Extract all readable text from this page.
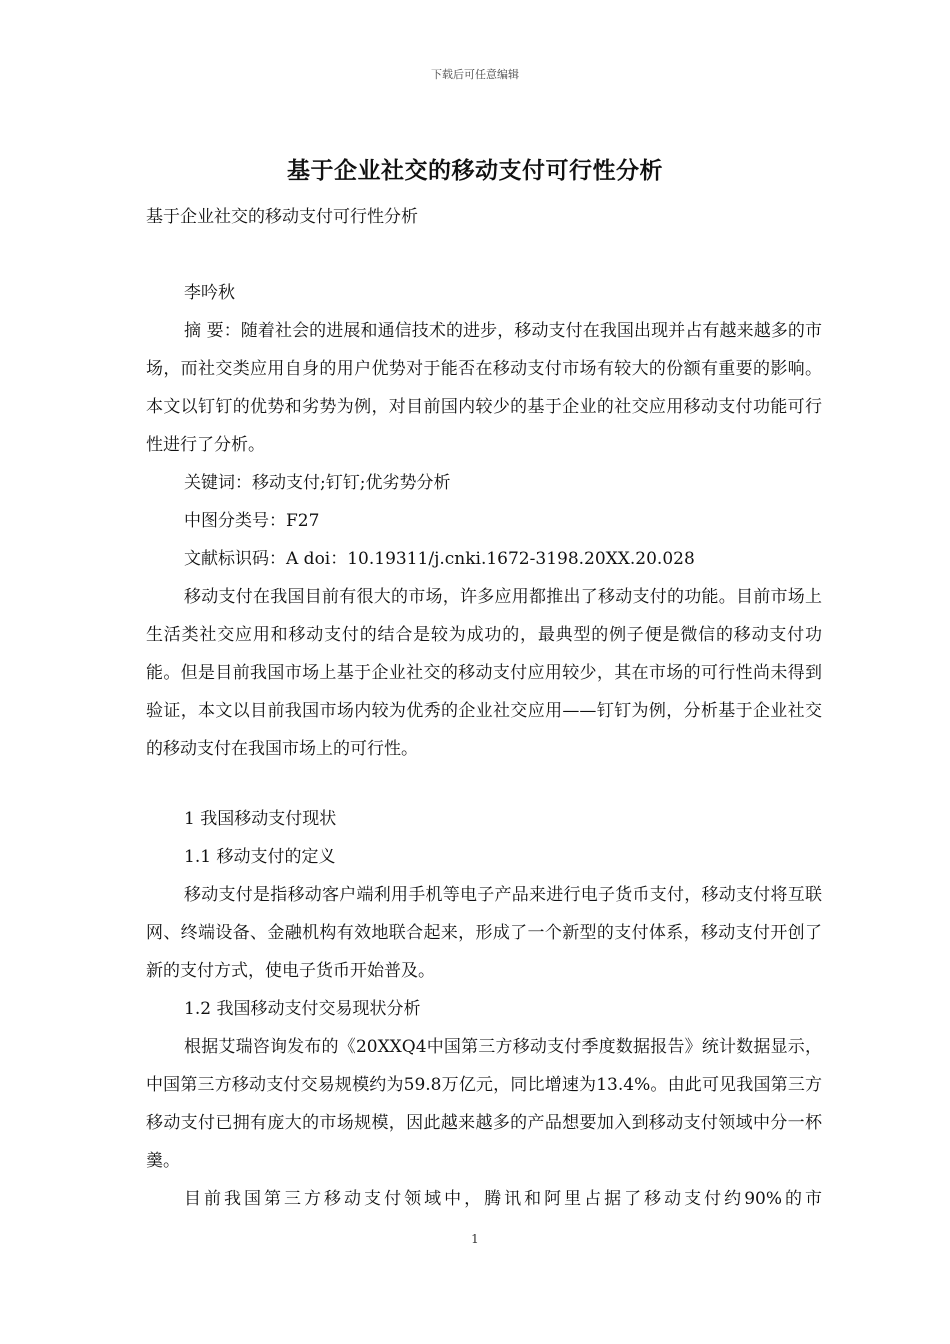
下载后可任意编辑
基于企业社交的移动支付可行性分析

基于企业社交的移动支付可行性分析

李吟秋

摘 要：随着社会的进展和通信技术的进步，移动支付在我国出现并占有越来越多的市场，而社交类应用自身的用户优势对于能否在移动支付市场有较大的份额有重要的影响。本文以钉钉的优势和劣势为例，对目前国内较少的基于企业的社交应用移动支付功能可行性进行了分析。

关键词：移动支付;钉钉;优劣势分析

中图分类号：F27

文献标识码：A doi：10.19311/j.cnki.1672-3198.20XX.20.028

移动支付在我国目前有很大的市场，许多应用都推出了移动支付的功能。目前市场上生活类社交应用和移动支付的结合是较为成功的，最典型的例子便是微信的移动支付功能。但是目前我国市场上基于企业社交的移动支付应用较少，其在市场的可行性尚未得到验证，本文以目前我国市场内较为优秀的企业社交应用——钉钉为例，分析基于企业社交的移动支付在我国市场上的可行性。

1 我国移动支付现状

1.1 移动支付的定义

移动支付是指移动客户端利用手机等电子产品来进行电子货币支付，移动支付将互联网、终端设备、金融机构有效地联合起来，形成了一个新型的支付体系，移动支付开创了新的支付方式，使电子货币开始普及。

1.2 我国移动支付交易现状分析

根据艾瑞咨询发布的《20XXQ4中国第三方移动支付季度数据报告》统计数据显示，中国第三方移动支付交易规模约为59.8万亿元，同比增速为13.4%。由此可见我国第三方移动支付已拥有庞大的市场规模，因此越来越多的产品想要加入到移动支付领域中分一杯羹。

目前我国第三方移动支付领域中，腾讯和阿里占据了移动支付约90%的市

1
